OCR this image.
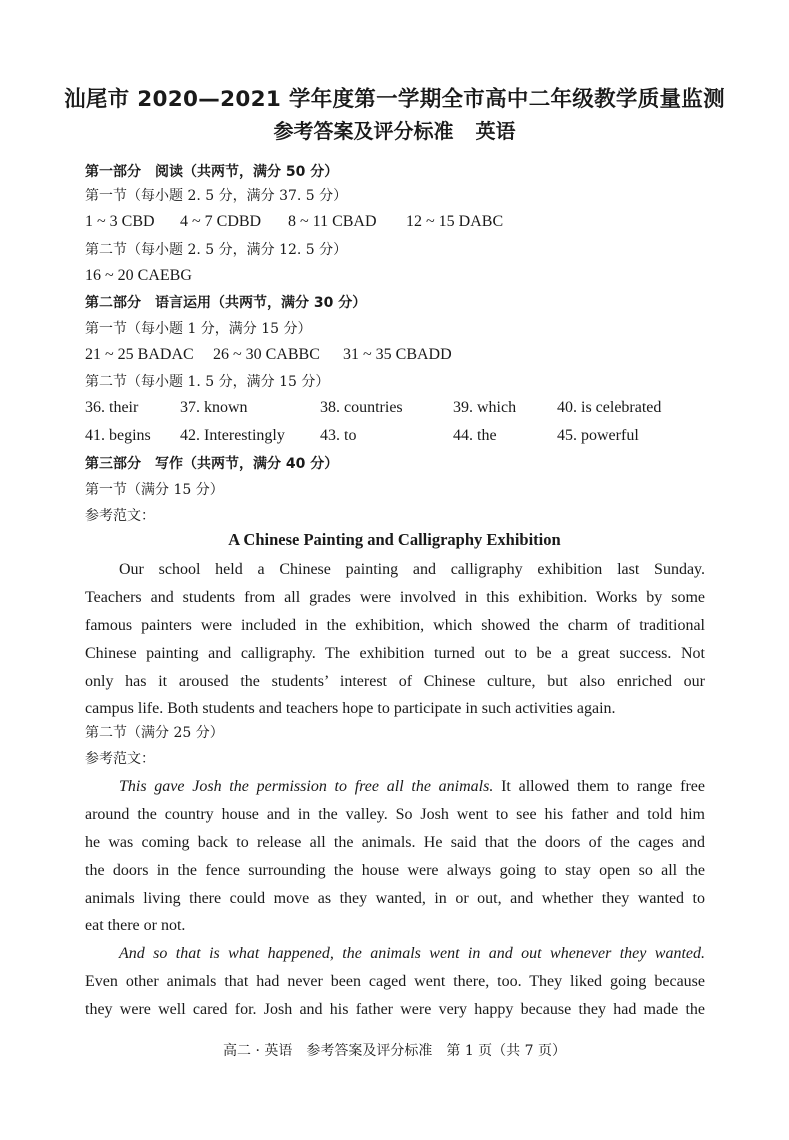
汕尾市 2020—2021 学年度第一学期全市高中二年级教学质量监测
参考答案及评分标准 英语
第一部分　阅读（共两节，满分 50 分）
第一节（每小题 2. 5 分，满分 37. 5 分）
1 ~ 3 CBD 4 ~ 7 CDBD 8 ~ 11 CBAD 12 ~ 15 DABC
第二节（每小题 2. 5 分，满分 12. 5 分）
16 ~ 20 CAEBG
第二部分　语言运用（共两节，满分 30 分）
第一节（每小题 1 分，满分 15 分）
21 ~ 25 BADAC 26 ~ 30 CABBC 31 ~ 35 CBADD
第二节（每小题 1. 5 分，满分 15 分）
36. their	37. known	38. countries	39. which	40. is celebrated
41. begins 42. Interestingly 43. to	44. the	45. powerful
第三部分　写作（共两节，满分 40 分）
第一节（满分 15 分）
参考范文：
A Chinese Painting and Calligraphy Exhibition
Our school held a Chinese painting and calligraphy exhibition last Sunday.
Teachers and students from all grades were involved in this exhibition. Works by some
famous painters were included in the exhibition, which showed the charm of traditional
Chinese painting and calligraphy. The exhibition turned out to be a great success. Not
only has it aroused the students’ interest of Chinese culture, but also enriched our
campus life. Both students and teachers hope to participate in such activities again.
第二节（满分 25 分）
参考范文：
This gave Josh the permission to free all the animals. It allowed them to range free
around the country house and in the valley. So Josh went to see his father and told him
he was coming back to release all the animals. He said that the doors of the cages and
the doors in the fence surrounding the house were always going to stay open so all the
animals living there could move as they wanted, in or out, and whether they wanted to
eat there or not.
And so that is what happened, the animals went in and out whenever they wanted.
Even other animals that had never been caged went there, too. They liked going because
they were well cared for. Josh and his father were very happy because they had made the
高二 · 英语　参考答案及评分标准　第 1 页（共 7 页）
